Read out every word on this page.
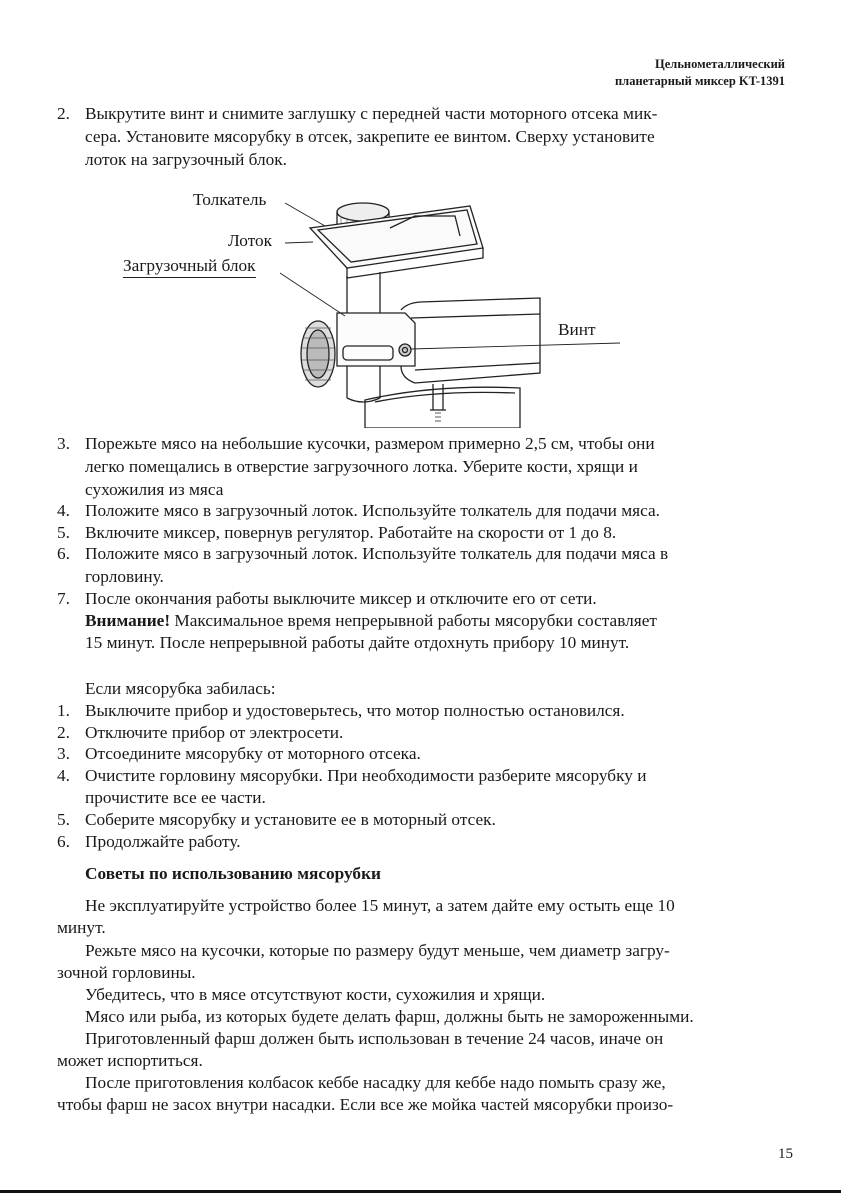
Цельнометаллический
планетарный миксер KT-1391
2. Выкрутите винт и снимите заглушку с передней части моторного отсека мик-
сера. Установите мясорубку в отсек, закрепите ее винтом. Сверху установите
лоток на загрузочный блок.
Толкатель
Лоток
Загрузочный блок
Винт
3. Порежьте мясо на небольшие кусочки, размером примерно 2,5 см, чтобы они
легко помещались в отверстие загрузочного лотка. Уберите кости, хрящи и
сухожилия из мяса
4. Положите мясо в загрузочный лоток. Используйте толкатель для подачи мяса.
5. Включите миксер, повернув регулятор. Работайте на скорости от 1 до 8.
6. Положите мясо в загрузочный лоток. Используйте толкатель для подачи мяса в
горловину.
7. После окончания работы выключите миксер и отключите его от сети.
Внимание! Максимальное время непрерывной работы мясорубки составляет
15 минут. После непрерывной работы дайте отдохнуть прибору 10 минут.
Если мясорубка забилась:
1. Выключите прибор и удостоверьтесь, что мотор полностью остановился.
2. Отключите прибор от электросети.
3. Отсоедините мясорубку от моторного отсека.
4. Очистите горловину мясорубки. При необходимости разберите мясорубку и
прочистите все ее части.
5. Соберите мясорубку и установите ее в моторный отсек.
6. Продолжайте работу.
Советы по использованию мясорубки
Не эксплуатируйте устройство более 15 минут, а затем дайте ему остыть еще 10
минут.
Режьте мясо на кусочки, которые по размеру будут меньше, чем диаметр загру-
зочной горловины.
Убедитесь, что в мясе отсутствуют кости, сухожилия и хрящи.
Мясо или рыба, из которых будете делать фарш, должны быть не замороженными.
Приготовленный фарш должен быть использован в течение 24 часов, иначе он
может испортиться.
После приготовления колбасок кеббе насадку для кеббе надо помыть сразу же,
чтобы фарш не засох внутри насадки. Если все же мойка частей мясорубки произо-
15
